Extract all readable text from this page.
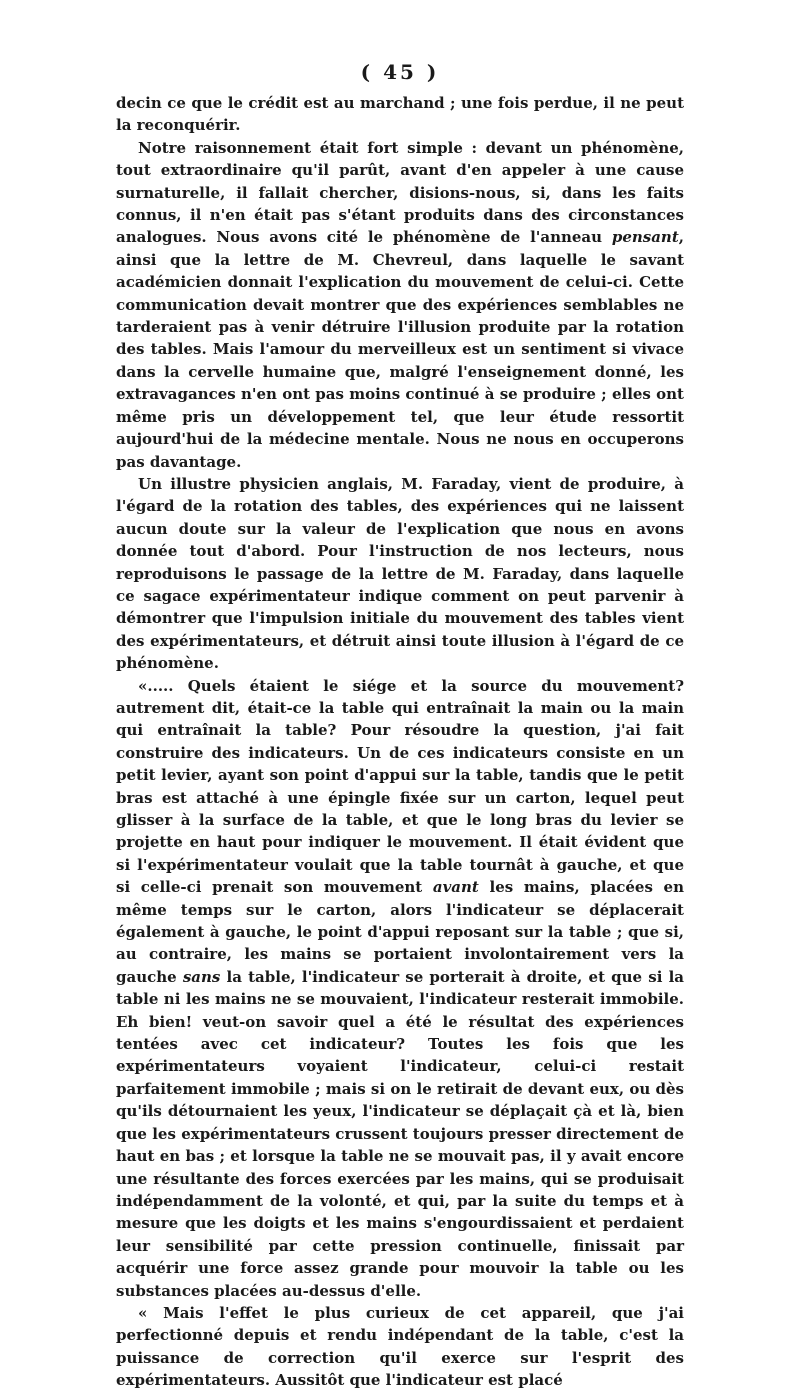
( 45 )

decin ce que le crédit est au marchand ; une fois perdue, il ne peut la reconquérir.

Notre raisonnement était fort simple : devant un phénomène, tout extraordinaire qu'il parût, avant d'en appeler à une cause surnaturelle, il fallait chercher, disions-nous, si, dans les faits connus, il n'en était pas s'étant produits dans des circonstances analogues. Nous avons cité le phénomène de l'anneau pensant, ainsi que la lettre de M. Chevreul, dans laquelle le savant académicien donnait l'explication du mouvement de celui-ci. Cette communication devait montrer que des expériences semblables ne tarderaient pas à venir détruire l'illusion produite par la rotation des tables. Mais l'amour du merveilleux est un sentiment si vivace dans la cervelle humaine que, malgré l'enseignement donné, les extravagances n'en ont pas moins continué à se produire ; elles ont même pris un développement tel, que leur étude ressortit aujourd'hui de la médecine mentale. Nous ne nous en occuperons pas davantage.

Un illustre physicien anglais, M. Faraday, vient de produire, à l'égard de la rotation des tables, des expériences qui ne laissent aucun doute sur la valeur de l'explication que nous en avons donnée tout d'abord. Pour l'instruction de nos lecteurs, nous reproduisons le passage de la lettre de M. Faraday, dans laquelle ce sagace expérimentateur indique comment on peut parvenir à démontrer que l'impulsion initiale du mouvement des tables vient des expérimentateurs, et détruit ainsi toute illusion à l'égard de ce phénomène.

«..... Quels étaient le siége et la source du mouvement? autrement dit, était-ce la table qui entraînait la main ou la main qui entraînait la table? Pour résoudre la question, j'ai fait construire des indicateurs. Un de ces indicateurs consiste en un petit levier, ayant son point d'appui sur la table, tandis que le petit bras est attaché à une épingle fixée sur un carton, lequel peut glisser à la surface de la table, et que le long bras du levier se projette en haut pour indiquer le mouvement. Il était évident que si l'expérimentateur voulait que la table tournât à gauche, et que si celle-ci prenait son mouvement avant les mains, placées en même temps sur le carton, alors l'indicateur se déplacerait également à gauche, le point d'appui reposant sur la table ; que si, au contraire, les mains se portaient involontairement vers la gauche sans la table, l'indicateur se porterait à droite, et que si la table ni les mains ne se mouvaient, l'indicateur resterait immobile. Eh bien! veut-on savoir quel a été le résultat des expériences tentées avec cet indicateur? Toutes les fois que les expérimentateurs voyaient l'indicateur, celui-ci restait parfaitement immobile ; mais si on le retirait de devant eux, ou dès qu'ils détournaient les yeux, l'indicateur se déplaçait çà et là, bien que les expérimentateurs crussent toujours presser directement de haut en bas ; et lorsque la table ne se mouvait pas, il y avait encore une résultante des forces exercées par les mains, qui se produisait indépendamment de la volonté, et qui, par la suite du temps et à mesure que les doigts et les mains s'engourdissaient et perdaient leur sensibilité par cette pression continuelle, finissait par acquérir une force assez grande pour mouvoir la table ou les substances placées au-dessus d'elle.

« Mais l'effet le plus curieux de cet appareil, que j'ai perfectionné depuis et rendu indépendant de la table, c'est la puissance de correction qu'il exerce sur l'esprit des expérimentateurs. Aussitôt que l'indicateur est placé
